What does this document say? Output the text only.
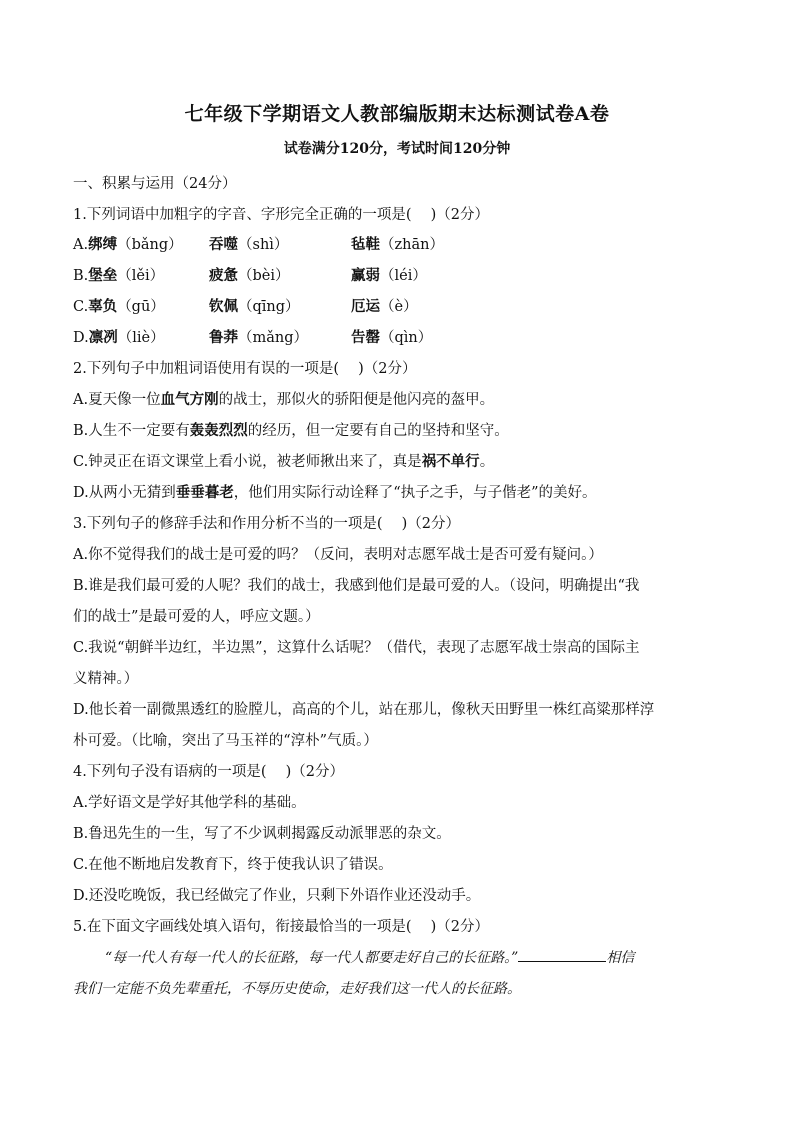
七年级下学期语文人教部编版期末达标测试卷A卷
试卷满分120分，考试时间120分钟
一、积累与运用（24分）
1.下列词语中加粗字的字音、字形完全正确的一项是(　 )（2分）
A.绑缚（bǎng） 吞噬（shì）	毡鞋（zhān）
B.堡垒（lěi）	疲惫（bèi）	赢弱（léi）
C.辜负（gū）	钦佩（qīng）	厄运（è）
D.凛冽（liè）	鲁莽（mǎng）	告罄（qìn）
2.下列句子中加粗词语使用有误的一项是(　 )（2分）
A.夏天像一位血气方刚的战士，那似火的骄阳便是他闪亮的盔甲。
B.人生不一定要有轰轰烈烈的经历，但一定要有自己的坚持和坚守。
C.钟灵正在语文课堂上看小说，被老师揪出来了，真是祸不单行。
D.从两小无猜到垂垂暮老，他们用实际行动诠释了“执子之手，与子偕老”的美好。
3.下列句子的修辞手法和作用分析不当的一项是(　 )（2分）
A.你不觉得我们的战士是可爱的吗？（反问，表明对志愿军战士是否可爱有疑问。）
B.谁是我们最可爱的人呢？我们的战士，我感到他们是最可爱的人。（设问，明确提出“我
们的战士”是最可爱的人，呼应文题。）
C.我说“朝鲜半边红，半边黑”，这算什么话呢？（借代，表现了志愿军战士崇高的国际主
义精神。）
D.他长着一副微黑透红的脸膛儿，高高的个儿，站在那儿，像秋天田野里一株红高粱那样淳
朴可爱。（比喻，突出了马玉祥的“淳朴”气质。）
4.下列句子没有语病的一项是(　 )（2分）
A.学好语文是学好其他学科的基础。
B.鲁迅先生的一生，写了不少讽刺揭露反动派罪恶的杂文。
C.在他不断地启发教育下，终于使我认识了错误。
D.还没吃晚饭，我已经做完了作业，只剩下外语作业还没动手。
5.在下面文字画线处填入语句，衔接最恰当的一项是(　 )（2分）
“每一代人有每一代人的长征路，每一代人都要走好自己的长征路。”	相信
我们一定能不负先辈重托，不辱历史使命，走好我们这一代人的长征路。
